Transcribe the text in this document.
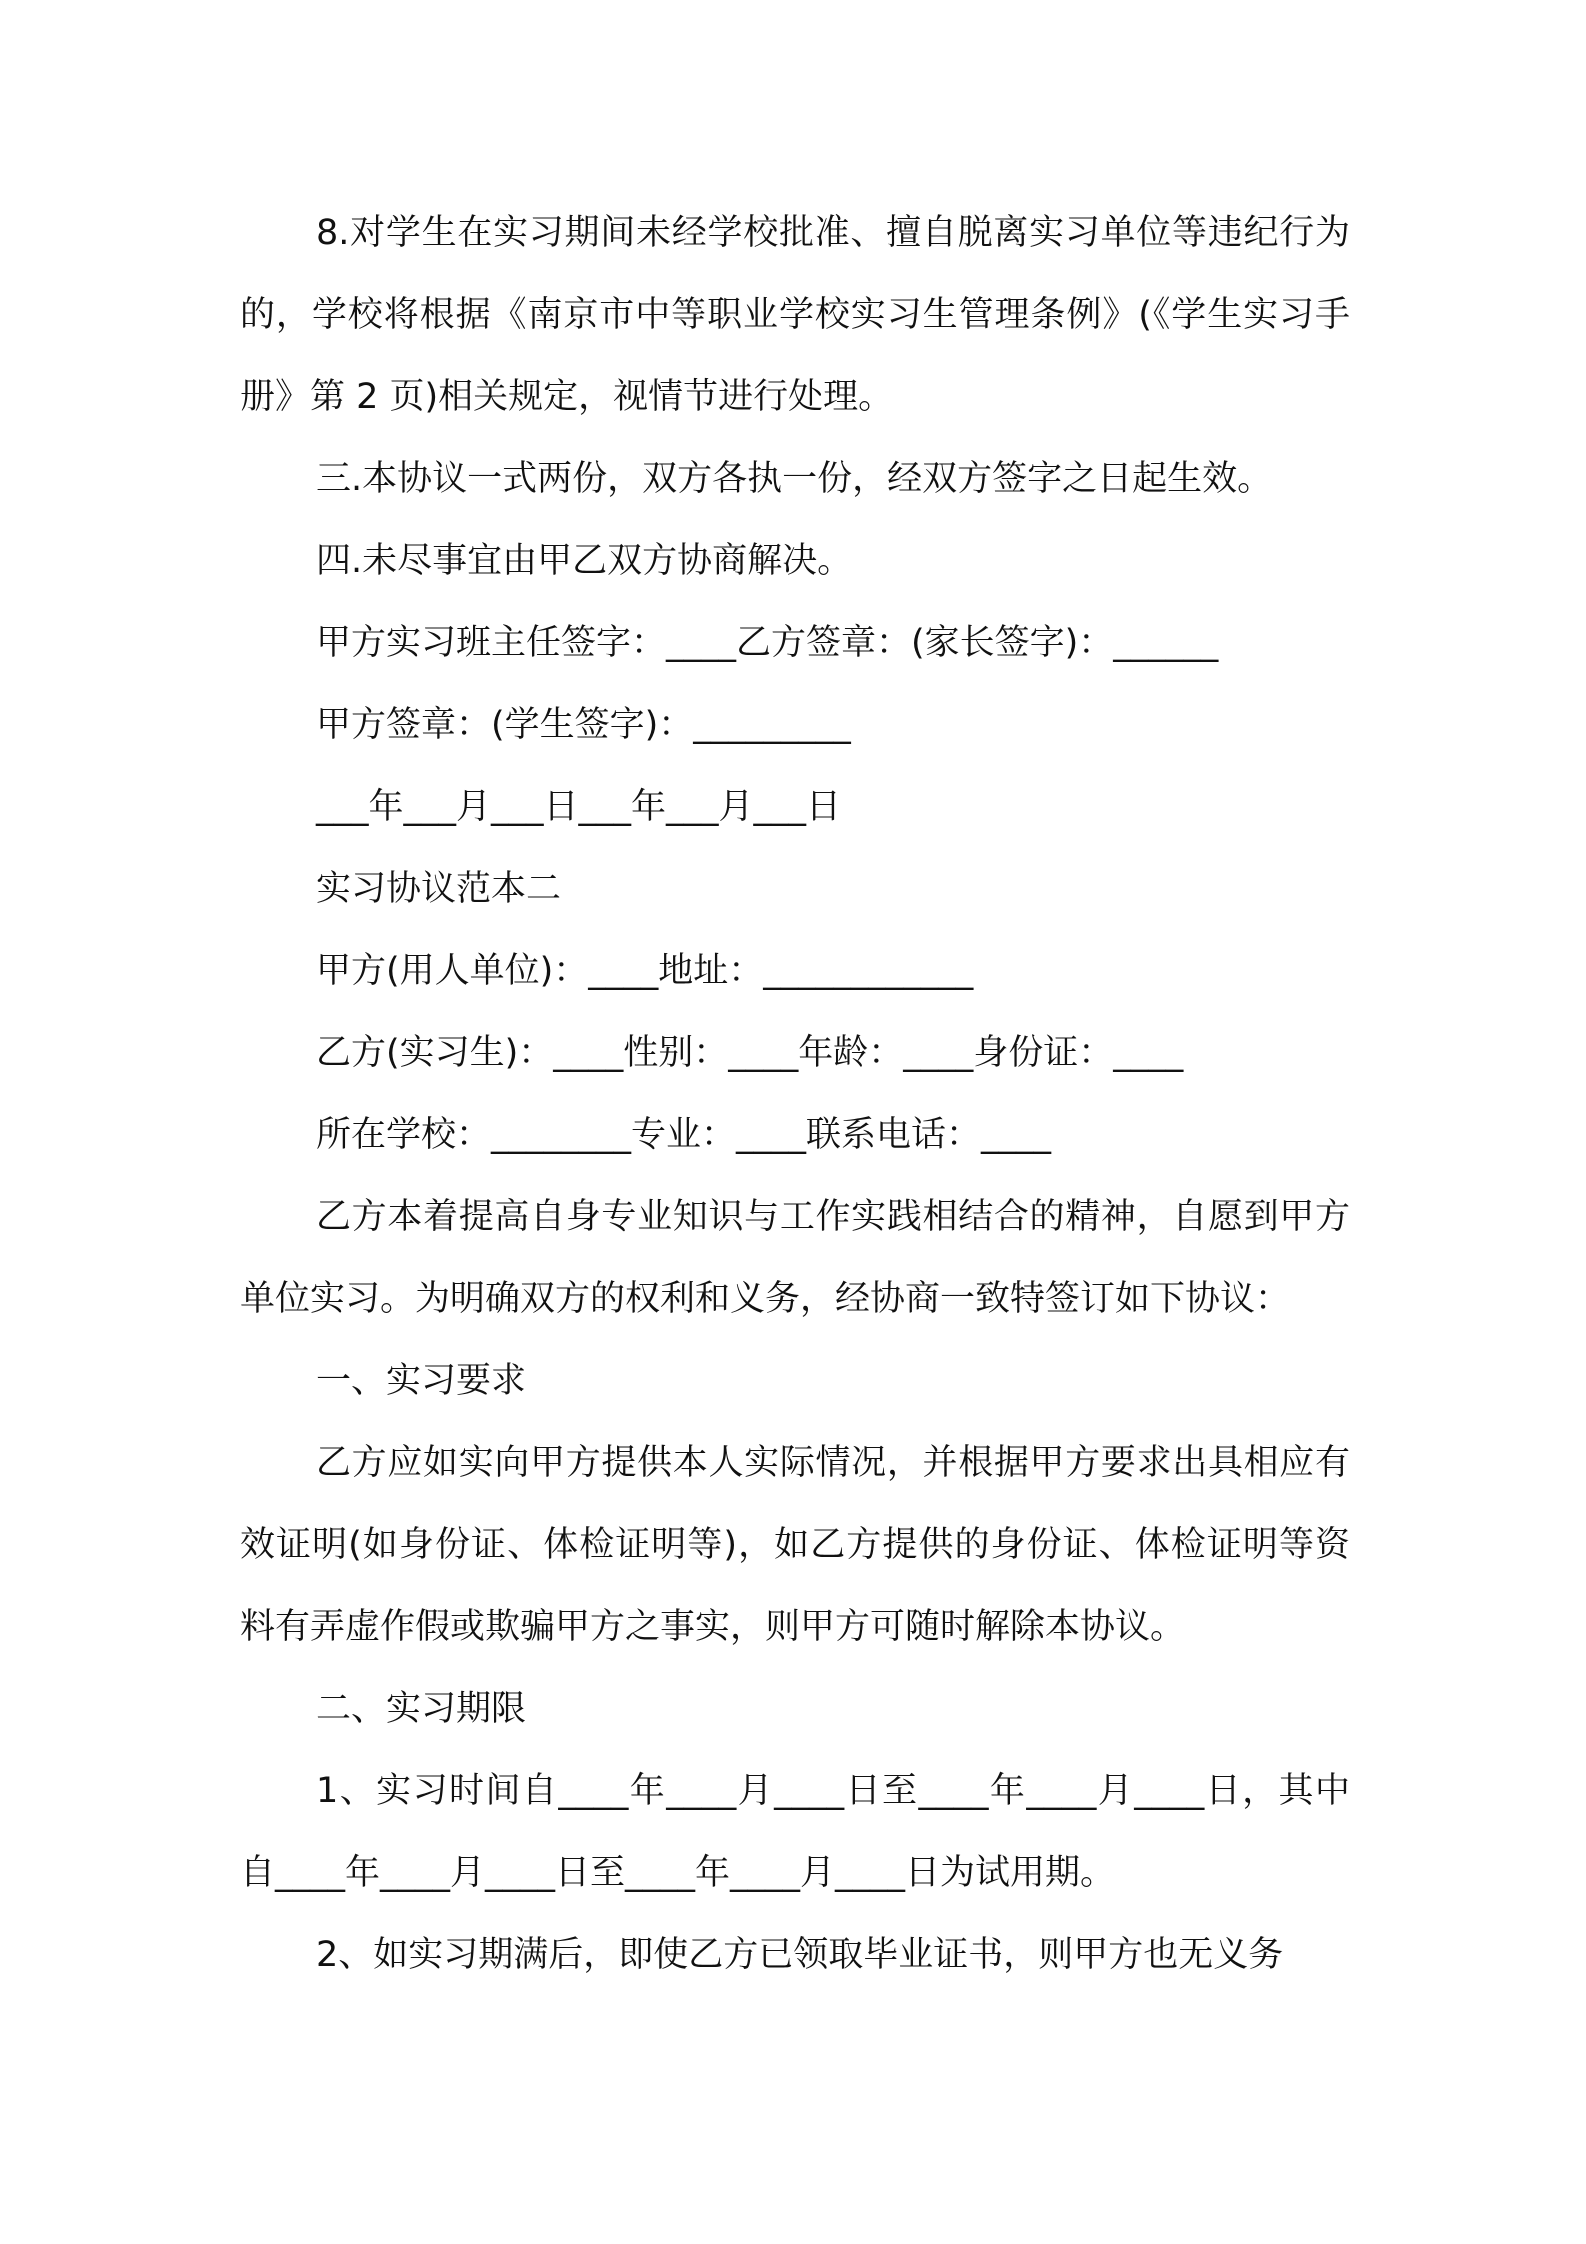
8.对学生在实习期间未经学校批准、擅自脱离实习单位等违纪行为的，学校将根据《南京市中等职业学校实习生管理条例》(《学生实习手册》第 2 页)相关规定，视情节进行处理。

三.本协议一式两份，双方各执一份，经双方签字之日起生效。

四.未尽事宜由甲乙双方协商解决。

甲方实习班主任签字：____乙方签章：(家长签字)：______

甲方签章：(学生签字)：_________

___年___月___日___年___月___日

实习协议范本二

甲方(用人单位)：____地址：____________

乙方(实习生)：____性别：____年龄：____身份证：____

所在学校：________专业：____联系电话：____

乙方本着提高自身专业知识与工作实践相结合的精神，自愿到甲方单位实习。为明确双方的权利和义务，经协商一致特签订如下协议：

一、实习要求

乙方应如实向甲方提供本人实际情况，并根据甲方要求出具相应有效证明(如身份证、体检证明等)，如乙方提供的身份证、体检证明等资料有弄虚作假或欺骗甲方之事实，则甲方可随时解除本协议。

二、实习期限

1、实习时间自____年____月____日至____年____月____日，其中自____年____月____日至____年____月____日为试用期。

2、如实习期满后，即使乙方已领取毕业证书，则甲方也无义务
